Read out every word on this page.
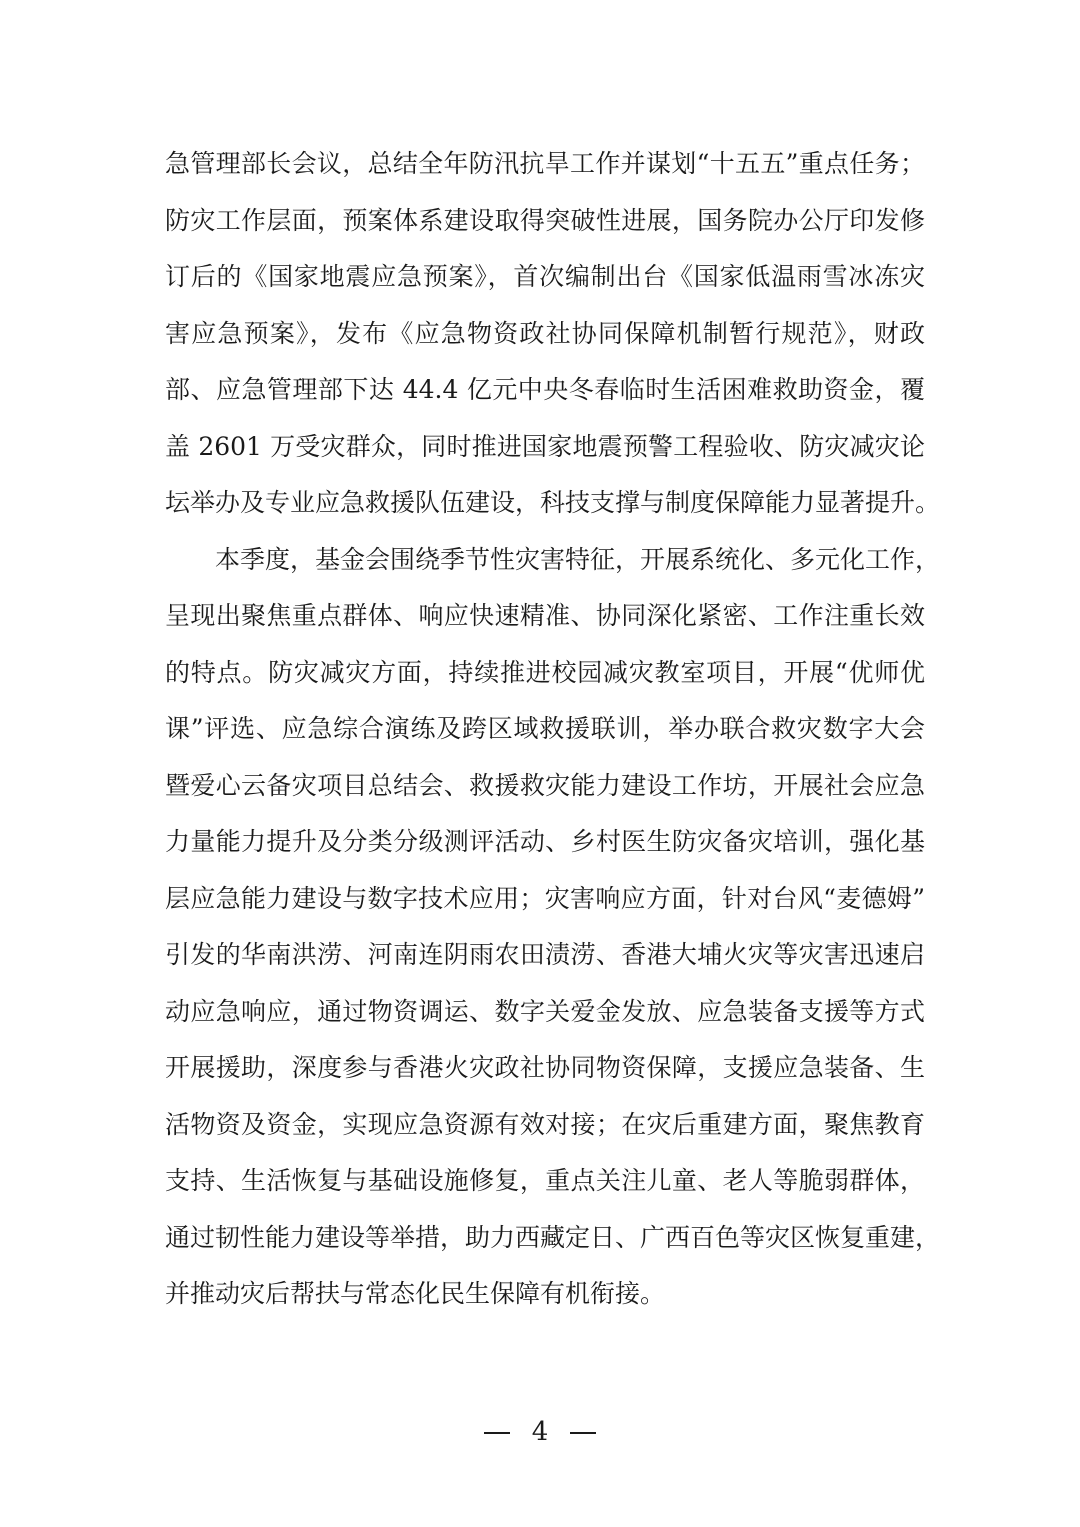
急管理部长会议，总结全年防汛抗旱工作并谋划“十五五”重点任务；
防灾工作层面，预案体系建设取得突破性进展，国务院办公厅印发修
订后的《国家地震应急预案》，首次编制出台《国家低温雨雪冰冻灾
害应急预案》，发布《应急物资政社协同保障机制暂行规范》，财政
部、应急管理部下达 44.4 亿元中央冬春临时生活困难救助资金，覆
盖 2601 万受灾群众，同时推进国家地震预警工程验收、防灾减灾论
坛举办及专业应急救援队伍建设，科技支撑与制度保障能力显著提升。
本季度，基金会围绕季节性灾害特征，开展系统化、多元化工作，
呈现出聚焦重点群体、响应快速精准、协同深化紧密、工作注重长效
的特点。防灾减灾方面，持续推进校园减灾教室项目，开展“优师优
课”评选、应急综合演练及跨区域救援联训，举办联合救灾数字大会
暨爱心云备灾项目总结会、救援救灾能力建设工作坊，开展社会应急
力量能力提升及分类分级测评活动、乡村医生防灾备灾培训，强化基
层应急能力建设与数字技术应用；灾害响应方面，针对台风“麦德姆”
引发的华南洪涝、河南连阴雨农田渍涝、香港大埔火灾等灾害迅速启
动应急响应，通过物资调运、数字关爱金发放、应急装备支援等方式
开展援助，深度参与香港火灾政社协同物资保障，支援应急装备、生
活物资及资金，实现应急资源有效对接；在灾后重建方面，聚焦教育
支持、生活恢复与基础设施修复，重点关注儿童、老人等脆弱群体，
通过韧性能力建设等举措，助力西藏定日、广西百色等灾区恢复重建，
并推动灾后帮扶与常态化民生保障有机衔接。
4
